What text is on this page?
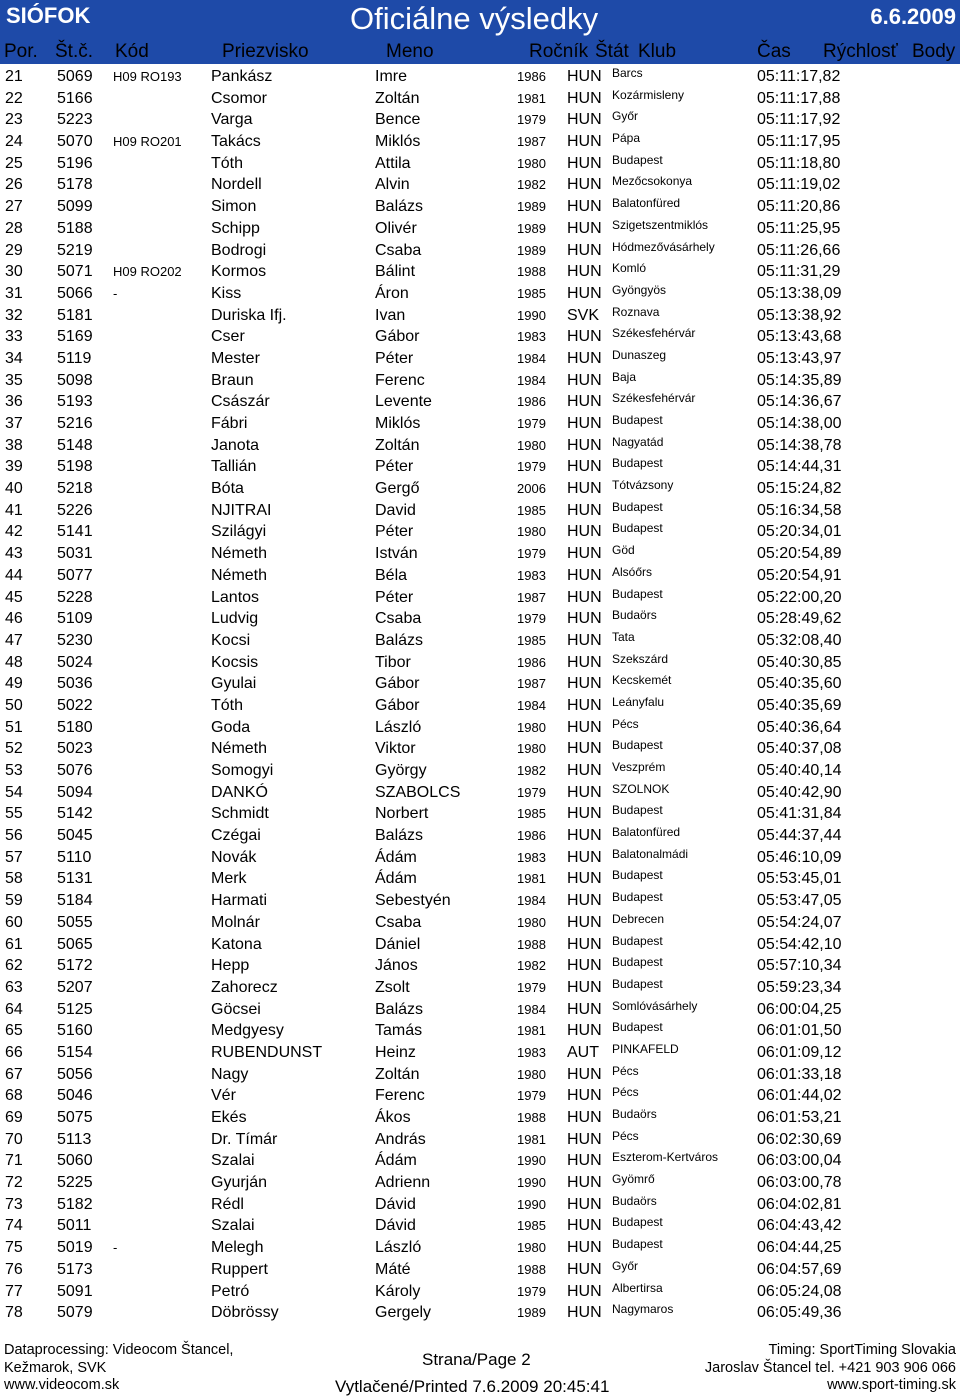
SIÓFOK	Oficiálne výsledky	6.6.2009
Por. Št.č. Kód	Priezvisko	Meno	Ročník Štát Klub	Čas Rýchlosť Body
21 5069 H09 RO193 Pankász	Imre	1986 HUN Barcs	05:11:17,82
22 5166	Csomor	Zoltán	1981 HUN Kozármisleny	05:11:17,88
23 5223	Varga	Bence	1979 HUN Győr	05:11:17,92
24 5070 H09 RO201 Takács	Miklós	1987 HUN Pápa	05:11:17,95
25 5196	Tóth	Attila	1980 HUN Budapest	05:11:18,80
26 5178	Nordell	Alvin	1982 HUN Mezőcsokonya	05:11:19,02
27 5099	Simon	Balázs	1989 HUN Balatonfüred	05:11:20,86
28 5188	Schipp	Olivér	1989 HUN Szigetszentmiklós	05:11:25,95
29 5219	Bodrogi	Csaba	1989 HUN Hódmezővásárhely	05:11:26,66
30 5071 H09 RO202 Kormos	Bálint	1988 HUN Komló	05:11:31,29
31 5066 -	Kiss	Áron	1985 HUN Gyöngyös	05:13:38,09
32 5181	Duriska Ifj.	Ivan	1990 SVK Roznava	05:13:38,92
33 5169	Cser	Gábor	1983 HUN Székesfehérvár	05:13:43,68
34 5119	Mester	Péter	1984 HUN Dunaszeg	05:13:43,97
35 5098	Braun	Ferenc	1984 HUN Baja	05:14:35,89
36 5193	Császár	Levente	1986 HUN Székesfehérvár	05:14:36,67
37 5216	Fábri	Miklós	1979 HUN Budapest	05:14:38,00
38 5148	Janota	Zoltán	1980 HUN Nagyatád	05:14:38,78
39 5198	Tallián	Péter	1979 HUN Budapest	05:14:44,31
40 5218	Bóta	Gergő	2006 HUN Tótvázsony	05:15:24,82
41 5226	NJITRAI	David	1985 HUN Budapest	05:16:34,58
42 5141	Szilágyi	Péter	1980 HUN Budapest	05:20:34,01
43 5031	Németh	István	1979 HUN Göd	05:20:54,89
44 5077	Németh	Béla	1983 HUN Alsóőrs	05:20:54,91
45 5228	Lantos	Péter	1987 HUN Budapest	05:22:00,20
46 5109	Ludvig	Csaba	1979 HUN Budaörs	05:28:49,62
47 5230	Kocsi	Balázs	1985 HUN Tata	05:32:08,40
48 5024	Kocsis	Tibor	1986 HUN Szekszárd	05:40:30,85
49 5036	Gyulai	Gábor	1987 HUN Kecskemét	05:40:35,60
50 5022	Tóth	Gábor	1984 HUN Leányfalu	05:40:35,69
51 5180	Goda	László	1980 HUN Pécs	05:40:36,64
52 5023	Németh	Viktor	1980 HUN Budapest	05:40:37,08
53 5076	Somogyi	György	1982 HUN Veszprém	05:40:40,14
54 5094	DANKÓ	SZABOLCS	1979 HUN SZOLNOK	05:40:42,90
55 5142	Schmidt	Norbert	1985 HUN Budapest	05:41:31,84
56 5045	Czégai	Balázs	1986 HUN Balatonfüred	05:44:37,44
57 5110	Novák	Ádám	1983 HUN Balatonalmádi	05:46:10,09
58 5131	Merk	Ádám	1981 HUN Budapest	05:53:45,01
59 5184	Harmati	Sebestyén	1984 HUN Budapest	05:53:47,05
60 5055	Molnár	Csaba	1980 HUN Debrecen	05:54:24,07
61 5065	Katona	Dániel	1988 HUN Budapest	05:54:42,10
62 5172	Hepp	János	1982 HUN Budapest	05:57:10,34
63 5207	Zahorecz	Zsolt	1979 HUN Budapest	05:59:23,34
64 5125	Göcsei	Balázs	1984 HUN Somlóvásárhely	06:00:04,25
65 5160	Medgyesy	Tamás	1981 HUN Budapest	06:01:01,50
66 5154	RUBENDUNST	Heinz	1983 AUT PINKAFELD	06:01:09,12
67 5056	Nagy	Zoltán	1980 HUN Pécs	06:01:33,18
68 5046	Vér	Ferenc	1979 HUN Pécs	06:01:44,02
69 5075	Ekés	Ákos	1988 HUN Budaörs	06:01:53,21
70 5113	Dr. Tímár	András	1981 HUN Pécs	06:02:30,69
71 5060	Szalai	Ádám	1990 HUN Eszterom-Kertváros 06:03:00,04
72 5225	Gyurján	Adrienn	1990 HUN Gyömrő	06:03:00,78
73 5182	Rédl	Dávid	1990 HUN Budaörs	06:04:02,81
74 5011	Szalai	Dávid	1985 HUN Budapest	06:04:43,42
75 5019 -	Melegh	László	1980 HUN Budapest	06:04:44,25
76 5173	Ruppert	Máté	1988 HUN Győr	06:04:57,69
77 5091	Petró	Károly	1979 HUN Albertirsa	06:05:24,08
78 5079	Döbrössy	Gergely	1989 HUN Nagymaros	06:05:49,36
Dataprocessing: Videocom Štancel,
Kežmarok, SVK
www.videocom.sk
Strana/Page 2
Vytlačené/Printed 7.6.2009 20:45:41
Timing: SportTiming Slovakia
Jaroslav Štancel tel. +421 903 906 066
www.sport-timing.sk
